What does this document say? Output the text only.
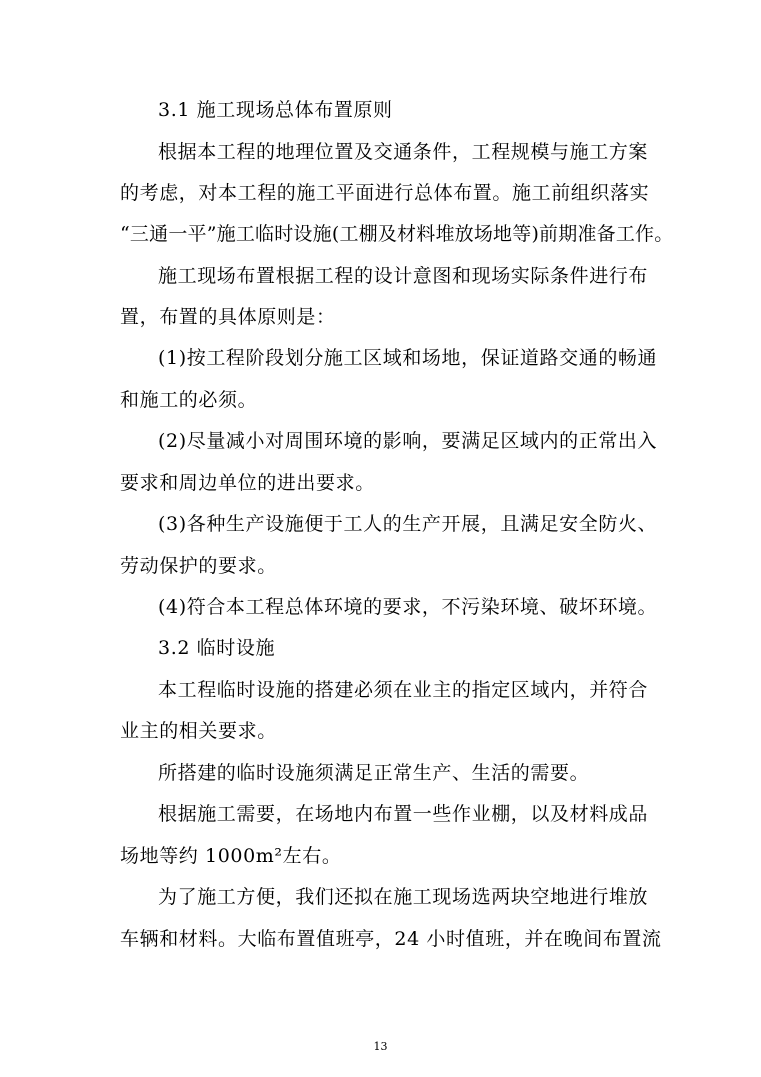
3.1 施工现场总体布置原则
根据本工程的地理位置及交通条件，工程规模与施工方案
的考虑，对本工程的施工平面进行总体布置。施工前组织落实
“三通一平”施工临时设施(工棚及材料堆放场地等)前期准备工作。
施工现场布置根据工程的设计意图和现场实际条件进行布
置，布置的具体原则是：
(1)按工程阶段划分施工区域和场地，保证道路交通的畅通
和施工的必须。
(2)尽量减小对周围环境的影响，要满足区域内的正常出入
要求和周边单位的进出要求。
(3)各种生产设施便于工人的生产开展，且满足安全防火、
劳动保护的要求。
(4)符合本工程总体环境的要求，不污染环境、破坏环境。
3.2 临时设施
本工程临时设施的搭建必须在业主的指定区域内，并符合
业主的相关要求。
所搭建的临时设施须满足正常生产、生活的需要。
根据施工需要，在场地内布置一些作业棚，以及材料成品
场地等约 1000m²左右。
为了施工方便，我们还拟在施工现场选两块空地进行堆放
车辆和材料。大临布置值班亭，24 小时值班，并在晚间布置流
13
